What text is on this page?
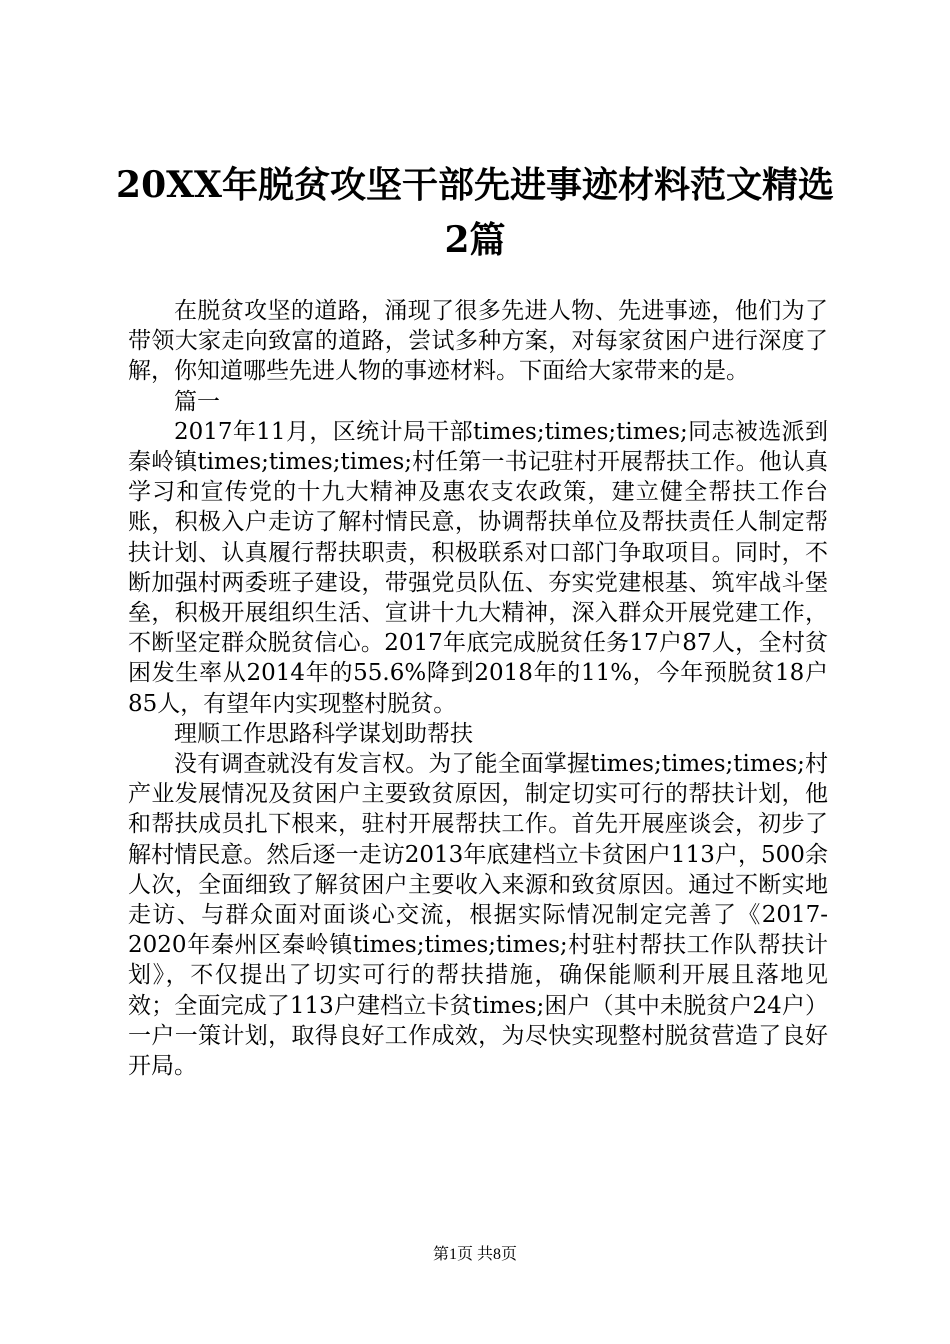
20XX年脱贫攻坚干部先进事迹材料范文精选2篇

在脱贫攻坚的道路，涌现了很多先进人物、先进事迹，他们为了带领大家走向致富的道路，尝试多种方案，对每家贫困户进行深度了解，你知道哪些先进人物的事迹材料。下面给大家带来的是。

篇一

2017年11月，区统计局干部times;times;times;同志被选派到秦岭镇times;times;times;村任第一书记驻村开展帮扶工作。他认真学习和宣传党的十九大精神及惠农支农政策，建立健全帮扶工作台账，积极入户走访了解村情民意，协调帮扶单位及帮扶责任人制定帮扶计划、认真履行帮扶职责，积极联系对口部门争取项目。同时，不断加强村两委班子建设，带强党员队伍、夯实党建根基、筑牢战斗堡垒，积极开展组织生活、宣讲十九大精神，深入群众开展党建工作，不断坚定群众脱贫信心。2017年底完成脱贫任务17户87人，全村贫困发生率从2014年的55.6%降到2018年的11%，今年预脱贫18户85人，有望年内实现整村脱贫。

理顺工作思路科学谋划助帮扶

没有调查就没有发言权。为了能全面掌握times;times;times;村产业发展情况及贫困户主要致贫原因，制定切实可行的帮扶计划，他和帮扶成员扎下根来，驻村开展帮扶工作。首先开展座谈会，初步了解村情民意。然后逐一走访2013年底建档立卡贫困户113户，500余人次，全面细致了解贫困户主要收入来源和致贫原因。通过不断实地走访、与群众面对面谈心交流，根据实际情况制定完善了《2017-2020年秦州区秦岭镇times;times;times;村驻村帮扶工作队帮扶计划》，不仅提出了切实可行的帮扶措施，确保能顺利开展且落地见效；全面完成了113户建档立卡贫times;困户（其中未脱贫户24户）一户一策计划，取得良好工作成效，为尽快实现整村脱贫营造了良好开局。

第1页 共8页
